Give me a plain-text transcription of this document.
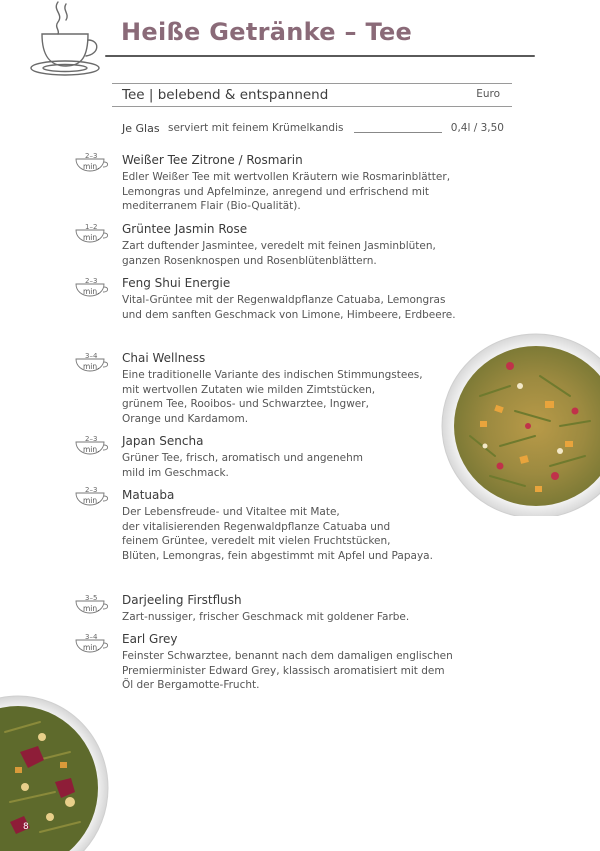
Heiße Getränke – Tee
Tee | belebend & entspannend	Euro
Je Glas serviert mit feinem Krümelkandis	0,4l / 3,50
2–3
min. Weißer Tee Zitrone / Rosmarin

Edler Weißer Tee mit wertvollen Kräutern wie Rosmarinblätter,
Lemongras und Apfelminze, anregend und erfrischend mit
mediterranem Flair (Bio-Qualität).

1–2
min.

Grüntee Jasmin Rose

Zart duftender Jasmintee, veredelt mit feinen Jasminblüten,
ganzen Rosenknospen und Rosenblütenblättern.

2–3
min.

Feng Shui Energie

Vital-Grüntee mit der Regenwaldpflanze Catuaba, Lemongras
und dem sanften Geschmack von Limone, Himbeere, Erdbeere.

3–4
min.

Chai Wellness

Eine traditionelle Variante des indischen Stimmungstees,
mit wertvollen Zutaten wie milden Zimtstücken,
grünem Tee, Rooibos- und Schwarztee, Ingwer,
Orange und Kardamom.

2–3
min.

Japan Sencha

Grüner Tee, frisch, aromatisch und angenehm
mild im Geschmack.

2–3
min. Matuaba

Der Lebensfreude- und Vitaltee mit Mate,
der vitalisierenden Regenwaldpflanze Catuaba und
feinem Grüntee, veredelt mit vielen Fruchtstücken,
Blüten, Lemongras, fein abgestimmt mit Apfel und Papaya.

3–5
min.

Darjeeling Firstflush

Zart-nussiger, frischer Geschmack mit goldener Farbe.

3–4
min.

Earl Grey

Feinster Schwarztee, benannt nach dem damaligen englischen
Premierminister Edward Grey, klassisch aromatisiert mit dem
Öl der Bergamotte-Frucht.

8
